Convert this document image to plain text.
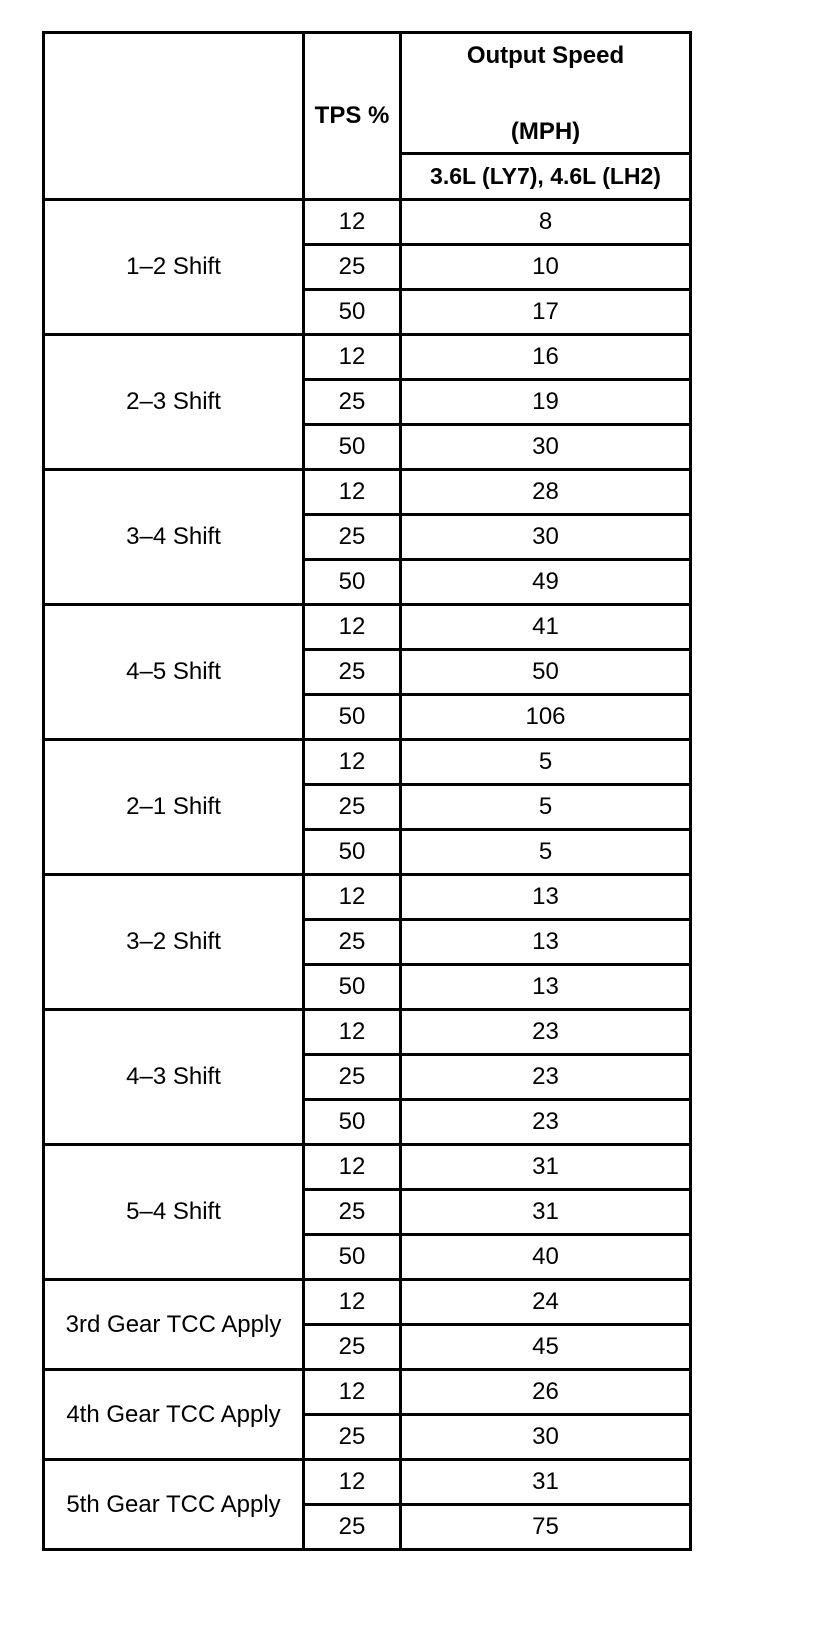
	TPS %	Output Speed
(MPH)

		3.6L (LY7), 4.6L (LH2)
1–2 Shift	12	8
	25	10
	50	17
2–3 Shift	12	16
	25	19
	50	30
3–4 Shift	12	28
	25	30
	50	49
4–5 Shift	12	41
	25	50
	50	106
2–1 Shift	12	5
	25	5
	50	5
3–2 Shift	12	13
	25	13
	50	13
4–3 Shift	12	23
	25	23
	50	23
5–4 Shift	12	31
	25	31
	50	40
3rd Gear TCC Apply	12	24
	25	45
4th Gear TCC Apply	12	26
	25	30
5th Gear TCC Apply	12	31
	25	75
